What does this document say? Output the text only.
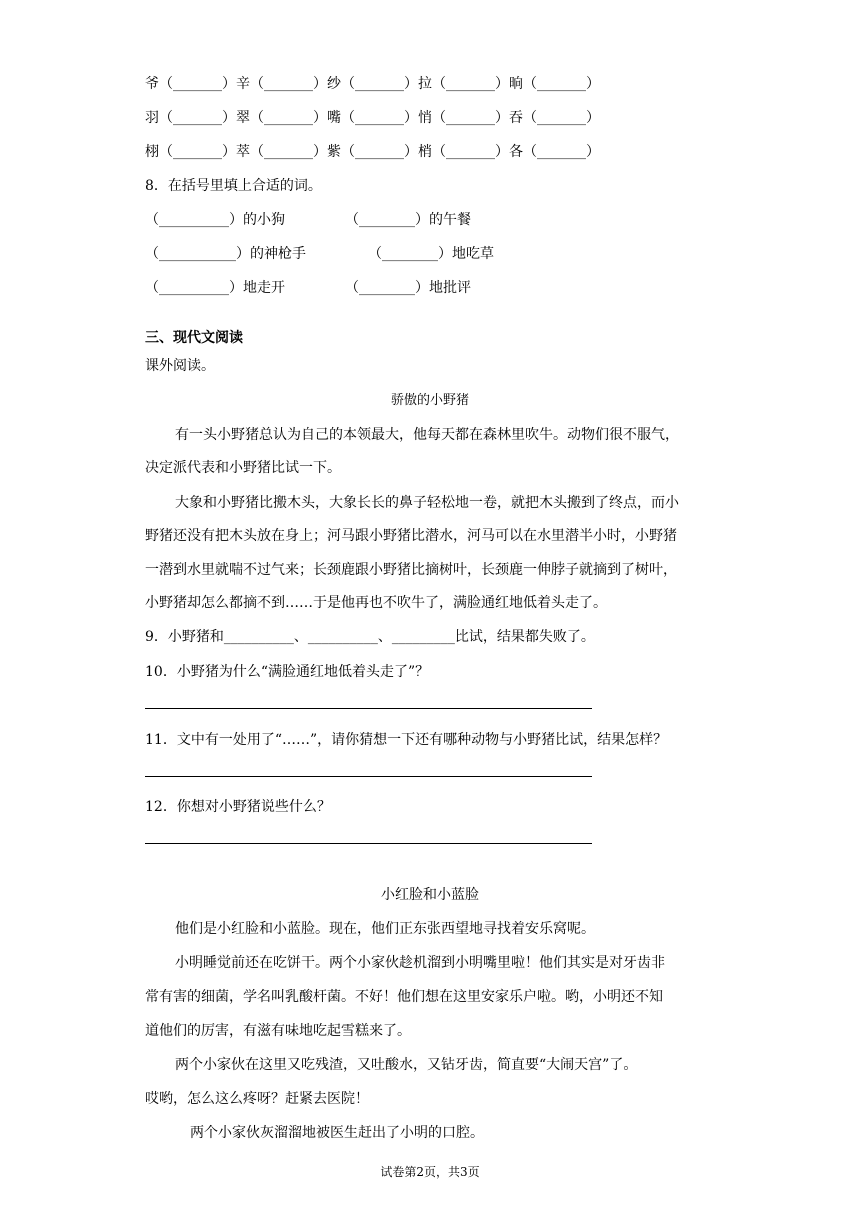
爷（_______）辛（_______）纱（_______）拉（_______）晌（_______）
羽（_______）翠（_______）嘴（_______）悄（_______）吞（_______）
栩（_______）萃（_______）紫（_______）梢（_______）各（_______）
8．在括号里填上合适的词。
（__________）的小狗	（________）的午餐
（___________）的神枪手	（________）地吃草
（__________）地走开	（________）地批评
三、现代文阅读
课外阅读。
骄傲的小野猪
有一头小野猪总认为自己的本领最大，他每天都在森林里吹牛。动物们很不服气，
决定派代表和小野猪比试一下。
大象和小野猪比搬木头，大象长长的鼻子轻松地一卷，就把木头搬到了终点，而小
野猪还没有把木头放在身上；河马跟小野猪比潜水，河马可以在水里潜半小时，小野猪
一潜到水里就喘不过气来；长颈鹿跟小野猪比摘树叶，长颈鹿一伸脖子就摘到了树叶，
小野猪却怎么都摘不到……于是他再也不吹牛了，满脸通红地低着头走了。
9．小野猪和__________、__________、_________比试，结果都失败了。
10．小野猪为什么“满脸通红地低着头走了”？
11．文中有一处用了“……”，请你猜想一下还有哪种动物与小野猪比试，结果怎样？
12．你想对小野猪说些什么？
小红脸和小蓝脸
他们是小红脸和小蓝脸。现在，他们正东张西望地寻找着安乐窝呢。
小明睡觉前还在吃饼干。两个小家伙趁机溜到小明嘴里啦！他们其实是对牙齿非
常有害的细菌，学名叫乳酸杆菌。不好！他们想在这里安家乐户啦。哟，小明还不知
道他们的厉害，有滋有味地吃起雪糕来了。
两个小家伙在这里又吃残渣，又吐酸水，又钻牙齿，简直要“大闹天宫”了。
哎哟，怎么这么疼呀？赶紧去医院！
两个小家伙灰溜溜地被医生赶出了小明的口腔。
试卷第2页，共3页
